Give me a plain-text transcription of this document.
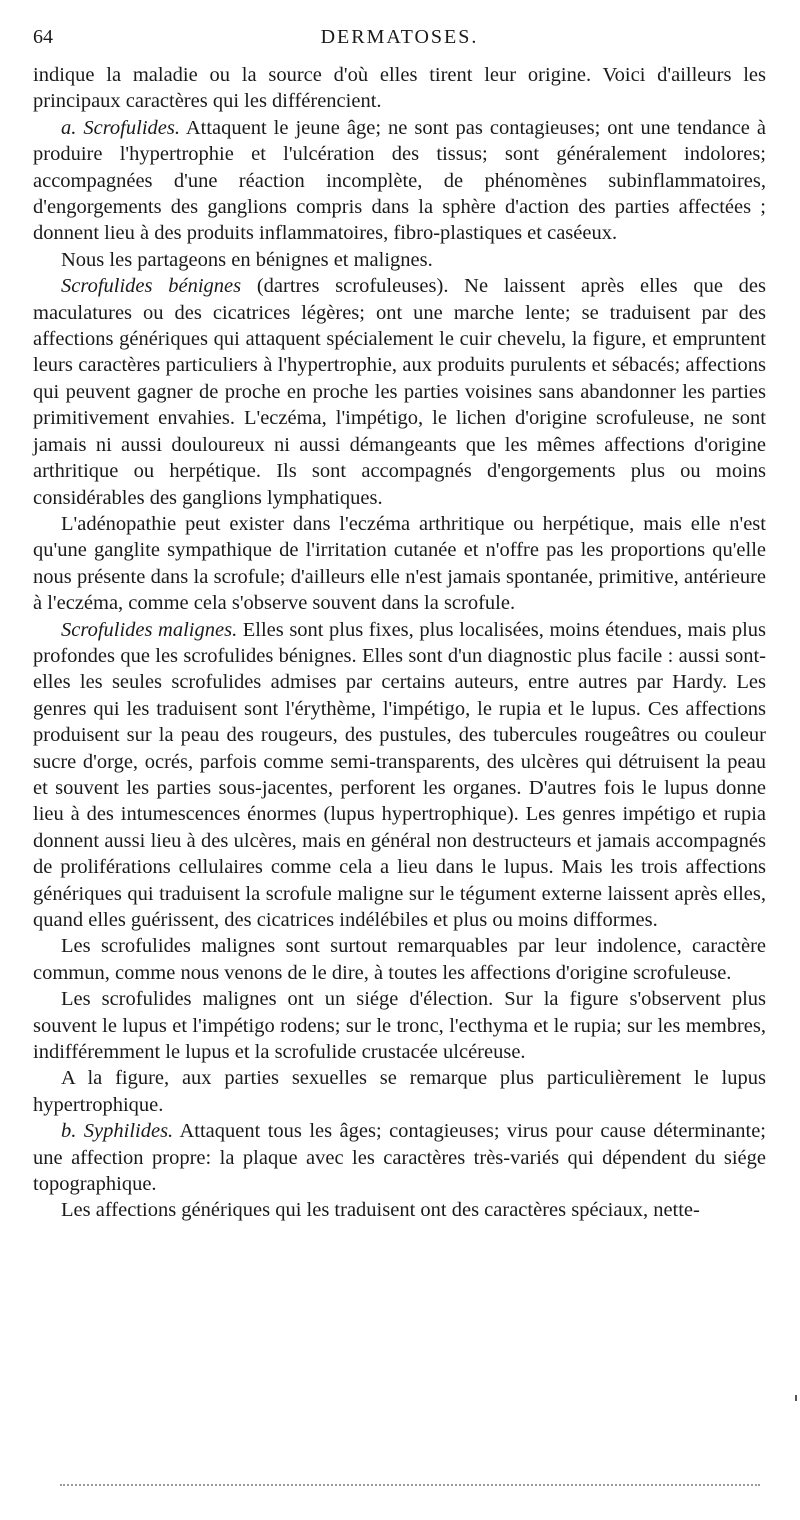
64	DERMATOSES.

indique la maladie ou la source d'où elles tirent leur origine. Voici d'ailleurs les principaux caractères qui les différencient.

a. Scrofulides. Attaquent le jeune âge; ne sont pas contagieuses; ont une tendance à produire l'hypertrophie et l'ulcération des tissus; sont généralement indolores; accompagnées d'une réaction incomplète, de phénomènes subinflammatoires, d'engorgements des ganglions compris dans la sphère d'action des parties affectées ; donnent lieu à des produits inflammatoires, fibro-plastiques et caséeux.

Nous les partageons en bénignes et malignes.

Scrofulides bénignes (dartres scrofuleuses). Ne laissent après elles que des maculatures ou des cicatrices légères; ont une marche lente; se traduisent par des affections génériques qui attaquent spécialement le cuir chevelu, la figure, et empruntent leurs caractères particuliers à l'hypertrophie, aux produits purulents et sébacés; affections qui peuvent gagner de proche en proche les parties voisines sans abandonner les parties primitivement envahies. L'eczéma, l'impétigo, le lichen d'origine scrofuleuse, ne sont jamais ni aussi douloureux ni aussi démangeants que les mêmes affections d'origine arthritique ou herpétique. Ils sont accompagnés d'engorgements plus ou moins considérables des ganglions lymphatiques.

L'adénopathie peut exister dans l'eczéma arthritique ou herpétique, mais elle n'est qu'une ganglite sympathique de l'irritation cutanée et n'offre pas les proportions qu'elle nous présente dans la scrofule; d'ailleurs elle n'est jamais spontanée, primitive, antérieure à l'eczéma, comme cela s'observe souvent dans la scrofule.

Scrofulides malignes. Elles sont plus fixes, plus localisées, moins étendues, mais plus profondes que les scrofulides bénignes. Elles sont d'un diagnostic plus facile : aussi sont-elles les seules scrofulides admises par certains auteurs, entre autres par Hardy. Les genres qui les traduisent sont l'érythème, l'impétigo, le rupia et le lupus. Ces affections produisent sur la peau des rougeurs, des pustules, des tubercules rougeâtres ou couleur sucre d'orge, ocrés, parfois comme semi-transparents, des ulcères qui détruisent la peau et souvent les parties sous-jacentes, perforent les organes. D'autres fois le lupus donne lieu à des intumescences énormes (lupus hypertrophique). Les genres impétigo et rupia donnent aussi lieu à des ulcères, mais en général non destructeurs et jamais accompagnés de proliférations cellulaires comme cela a lieu dans le lupus. Mais les trois affections génériques qui traduisent la scrofule maligne sur le tégument externe laissent après elles, quand elles guérissent, des cicatrices indélébiles et plus ou moins difformes.

Les scrofulides malignes sont surtout remarquables par leur indolence, caractère commun, comme nous venons de le dire, à toutes les affections d'origine scrofuleuse.

Les scrofulides malignes ont un siége d'élection. Sur la figure s'observent plus souvent le lupus et l'impétigo rodens; sur le tronc, l'ecthyma et le rupia; sur les membres, indifféremment le lupus et la scrofulide crustacée ulcéreuse.

A la figure, aux parties sexuelles se remarque plus particulièrement le lupus hypertrophique.

b. Syphilides. Attaquent tous les âges; contagieuses; virus pour cause déterminante; une affection propre: la plaque avec les caractères très-variés qui dépendent du siége topographique.

Les affections génériques qui les traduisent ont des caractères spéciaux, nette-
